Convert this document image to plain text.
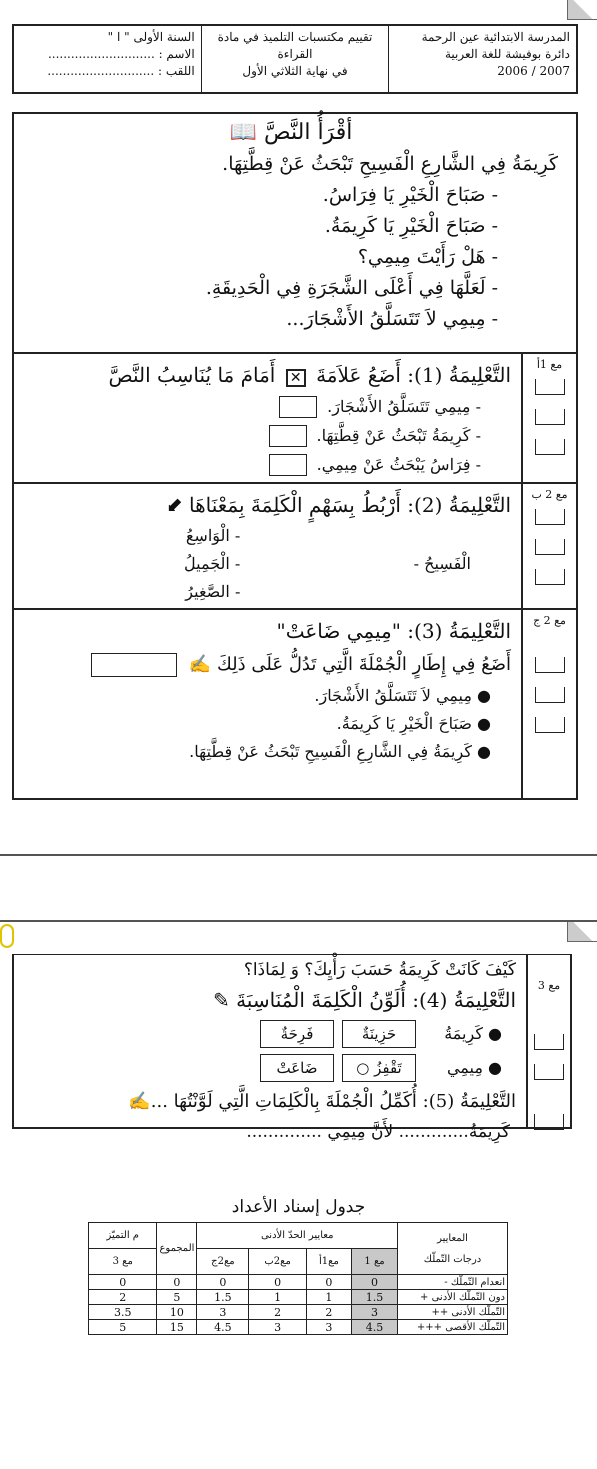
المدرسة الابتدائية عين الرحمة
دائرة بوفيشة للغة العربية
2007 / 2006
تقييم مكتسبات التلميذ في مادة
القراءة
في نهاية الثلاثي الأول
السنة الأولى " ا "
الاسم : ............................
اللقب : ............................
أقْرَأُ النَّصَّ 📖
كَرِيمَةُ فِي الشَّارِعِ الْفَسِيحِ تَبْحَثُ عَنْ قِطَّتِهَا.
- صَبَاحَ الْخَيْرِ يَا فِرَاسُ.
- صَبَاحَ الْخَيْرِ يَا كَرِيمَةُ.
- هَلْ رَأَيْتَ مِيمِي؟
- لَعَلَّهَا فِي أَعْلَى الشَّجَرَةِ فِي الْحَدِيقَةِ.
- مِيمِي لاَ تَتَسَلَّقُ الأَشْجَارَ...
مع 1أ
التَّعْلِيمَةُ (1): أَضَعُ عَلاَمَةَ ✕ أَمَامَ مَا يُنَاسِبُ النَّصَّ
- مِيمِي تَتَسَلَّقُ الأَشْجَارَ.
- كَرِيمَةُ تَبْحَثُ عَنْ قِطَّتِهَا.
- فِرَاسُ يَبْحَثُ عَنْ مِيمِي.
مع 2 ب
التَّعْلِيمَةُ (2): أَرْبُطُ بِسَهْمٍ الْكَلِمَةَ بِمَعْنَاهَا ⬋
الْفَسِيحُ -
- الْوَاسِعُ
- الْجَمِيلُ
- الصَّغِيرُ
مع 2 ج
التَّعْلِيمَةُ (3): "مِيمِي ضَاعَتْ"
أَضَعُ فِي إِطَارٍ الْجُمْلَةَ الَّتِي تَدُلُّ عَلَى ذَلِكَ ✍
● مِيمِي لاَ تَتَسَلَّقُ الأَشْجَارَ.
● صَبَاحَ الْخَيْرِ يَا كَرِيمَةُ.
● كَرِيمَةُ فِي الشَّارِعِ الْفَسِيحِ تَبْحَثُ عَنْ قِطَّتِهَا.
مع 3
كَيْفَ كَانَتْ كَرِيمَةُ حَسَبَ رَأْيِكَ؟ وَ لِمَاذَا؟
التَّعْلِيمَةُ (4): أُلَوِّنُ الْكَلِمَةَ الْمُنَاسِبَةَ ✎
● كَرِيمَةُ
حَزِينَةٌ
فَرِحَةٌ
● مِيمِي
تَقْفِزُ ○
ضَاعَتْ
التَّعْلِيمَةُ (5): أُكَمِّلُ الْجُمْلَةَ بِالْكَلِمَاتِ الَّتِي لَوَّنْتُهَا ...✍
كَرِيمَةُ............. لأَنَّ مِيمِي ..............
جدول إسناد الأعداد
المعايير
درجات التّملّك	معايير الحدّ الأدنى				المجموع	م التميّز
	مع 1	مع1أ	مع2ب	مع2ج		مع 3
انعدام التّملّك -	0	0	0	0	0	0
دون التّملّك الأدنى +	1.5	1	1	1.5	5	2
التّملّك الأدنى ++	3	2	2	3	10	3.5
التّملّك الأقصى +++	4.5	3	3	4.5	15	5
